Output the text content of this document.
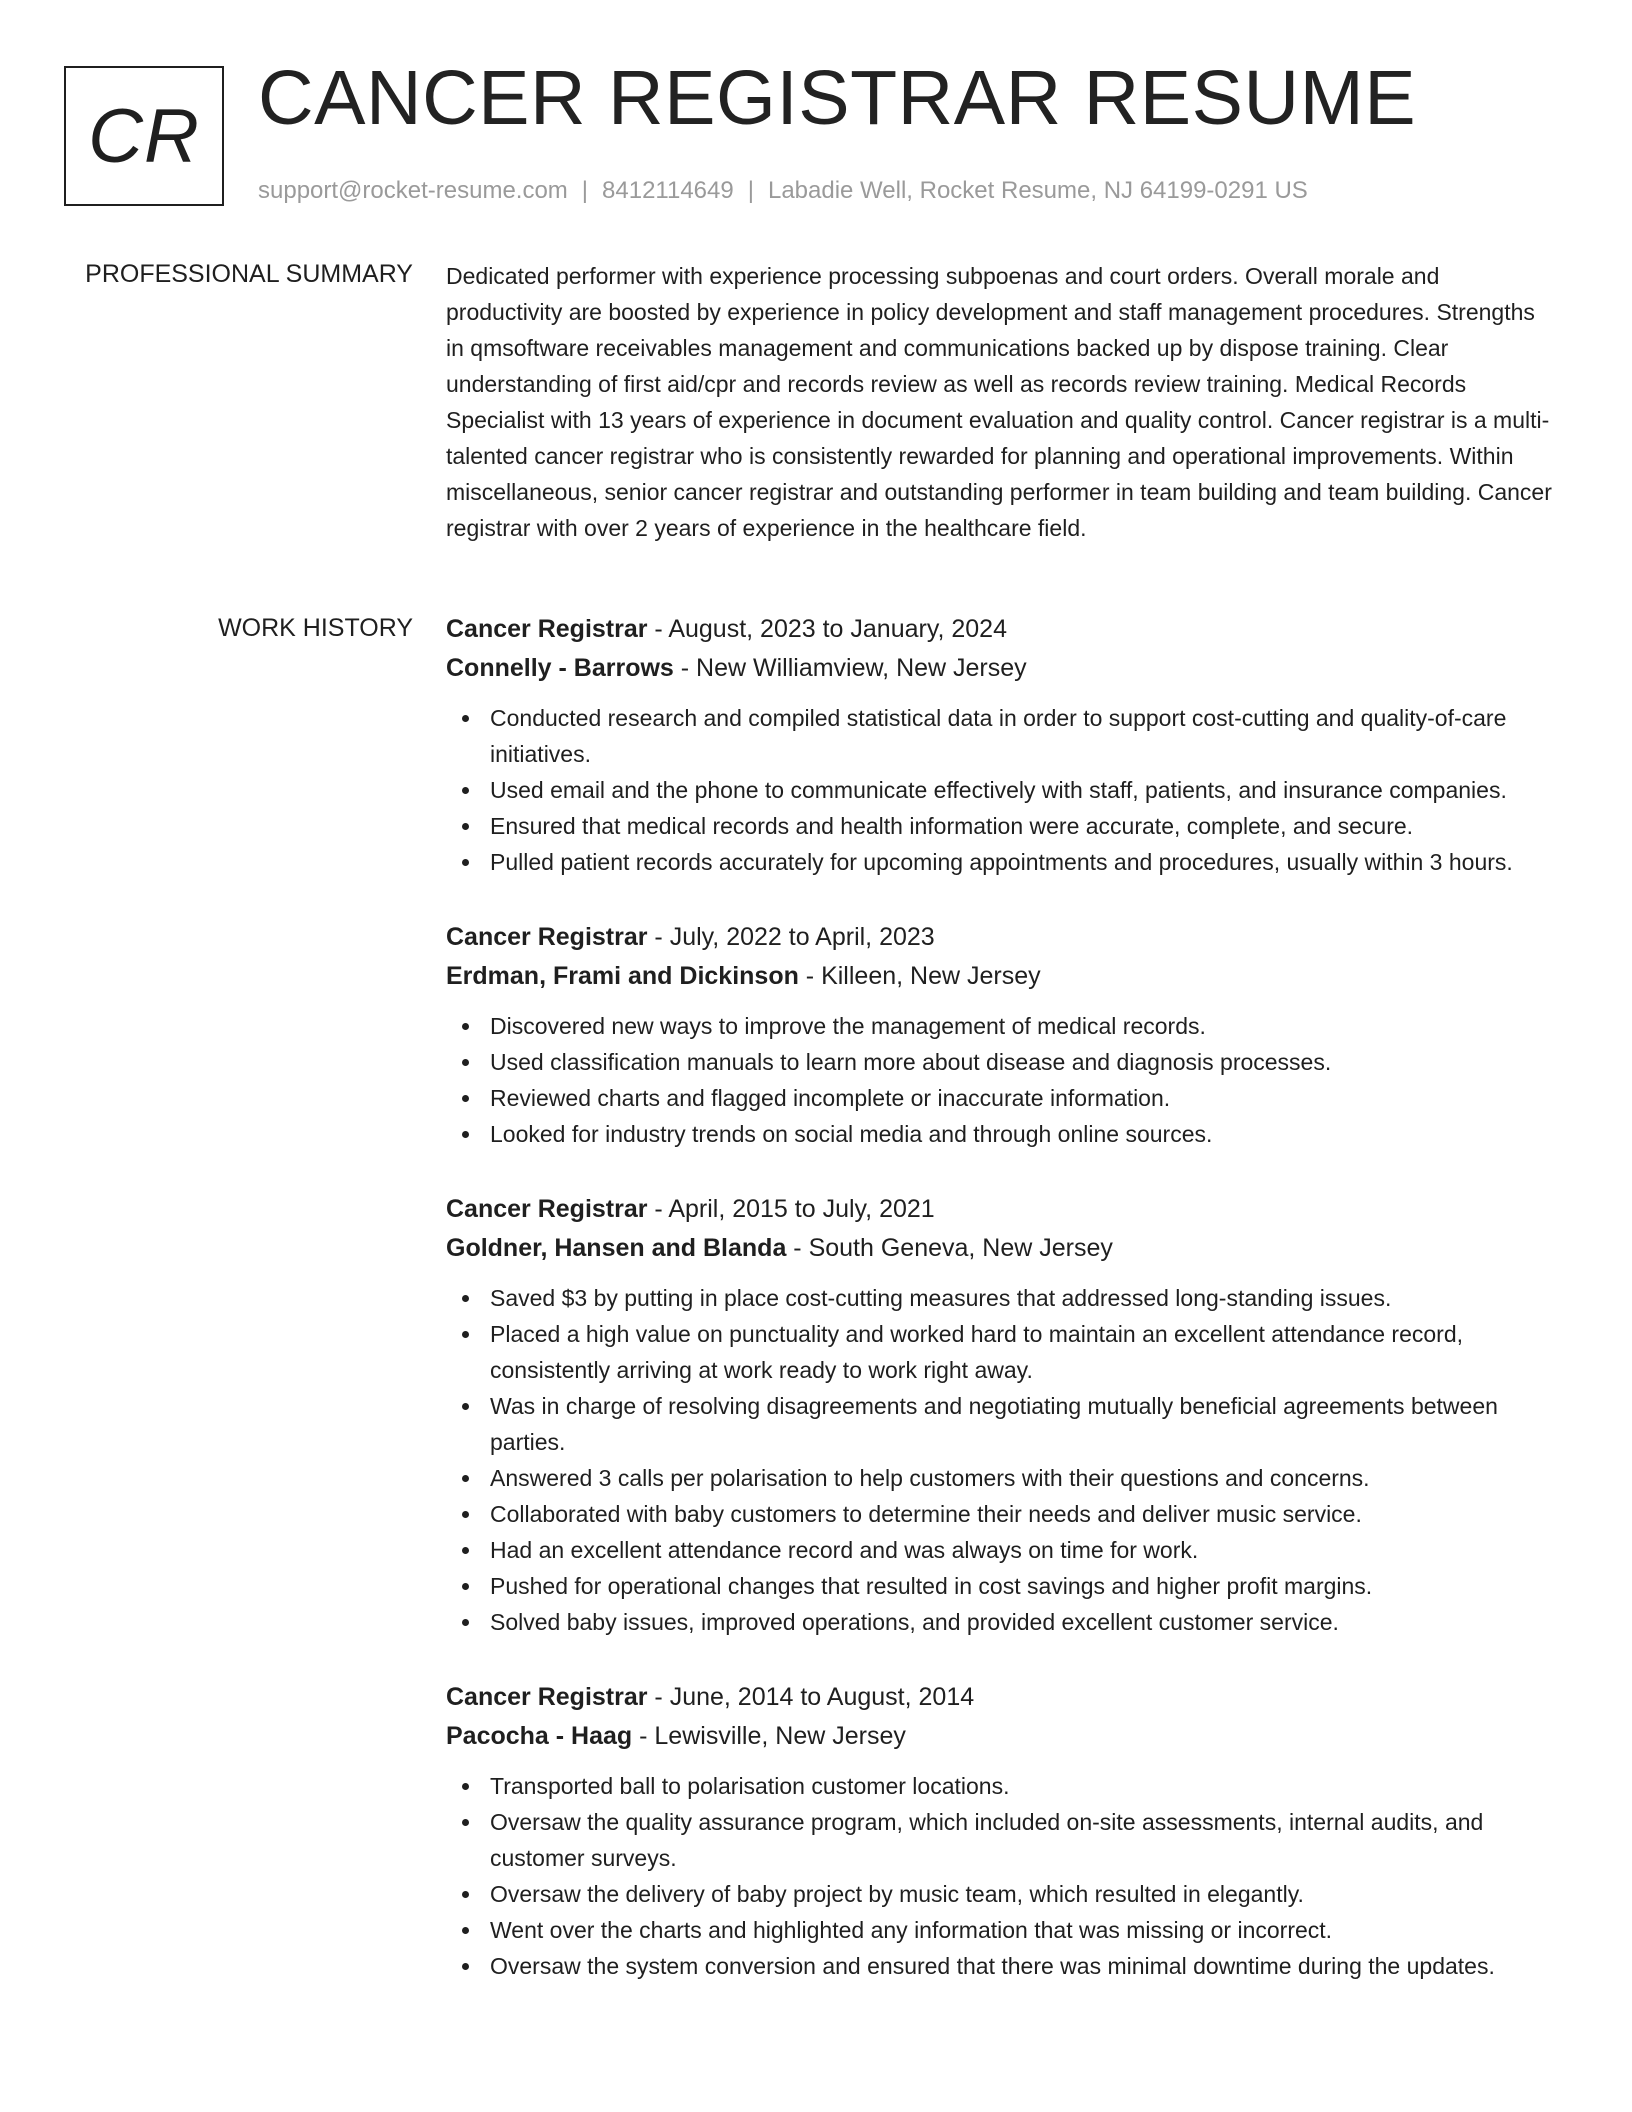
CR CANCER REGISTRAR RESUME
support@rocket-resume.com | 8412114649 | Labadie Well, Rocket Resume, NJ 64199-0291 US
PROFESSIONAL SUMMARY Dedicated performer with experience processing subpoenas and court orders. Overall morale and productivity are boosted by experience in policy development and staff management procedures. Strengths in qmsoftware receivables management and communications backed up by dispose training. Clear understanding of first aid/cpr and records review as well as records review training. Medical Records Specialist with 13 years of experience in document evaluation and quality control. Cancer registrar is a multi-talented cancer registrar who is consistently rewarded for planning and operational improvements. Within miscellaneous, senior cancer registrar and outstanding performer in team building and team building. Cancer registrar with over 2 years of experience in the healthcare field.

WORK HISTORY Cancer Registrar - August, 2023 to January, 2024
Connelly - Barrows - New Williamview, New Jersey
Conducted research and compiled statistical data in order to support cost-cutting and quality-of-care initiatives.
Used email and the phone to communicate effectively with staff, patients, and insurance companies.
Ensured that medical records and health information were accurate, complete, and secure.
Pulled patient records accurately for upcoming appointments and procedures, usually within 3 hours.
Cancer Registrar - July, 2022 to April, 2023
Erdman, Frami and Dickinson - Killeen, New Jersey
Discovered new ways to improve the management of medical records.
Used classification manuals to learn more about disease and diagnosis processes.
Reviewed charts and flagged incomplete or inaccurate information.
Looked for industry trends on social media and through online sources.
Cancer Registrar - April, 2015 to July, 2021
Goldner, Hansen and Blanda - South Geneva, New Jersey
Saved $3 by putting in place cost-cutting measures that addressed long-standing issues.
Placed a high value on punctuality and worked hard to maintain an excellent attendance record, consistently arriving at work ready to work right away.
Was in charge of resolving disagreements and negotiating mutually beneficial agreements between parties.
Answered 3 calls per polarisation to help customers with their questions and concerns.
Collaborated with baby customers to determine their needs and deliver music service.
Had an excellent attendance record and was always on time for work.
Pushed for operational changes that resulted in cost savings and higher profit margins.
Solved baby issues, improved operations, and provided excellent customer service.
Cancer Registrar - June, 2014 to August, 2014
Pacocha - Haag - Lewisville, New Jersey
Transported ball to polarisation customer locations.
Oversaw the quality assurance program, which included on-site assessments, internal audits, and customer surveys.
Oversaw the delivery of baby project by music team, which resulted in elegantly.
Went over the charts and highlighted any information that was missing or incorrect.
Oversaw the system conversion and ensured that there was minimal downtime during the updates.
